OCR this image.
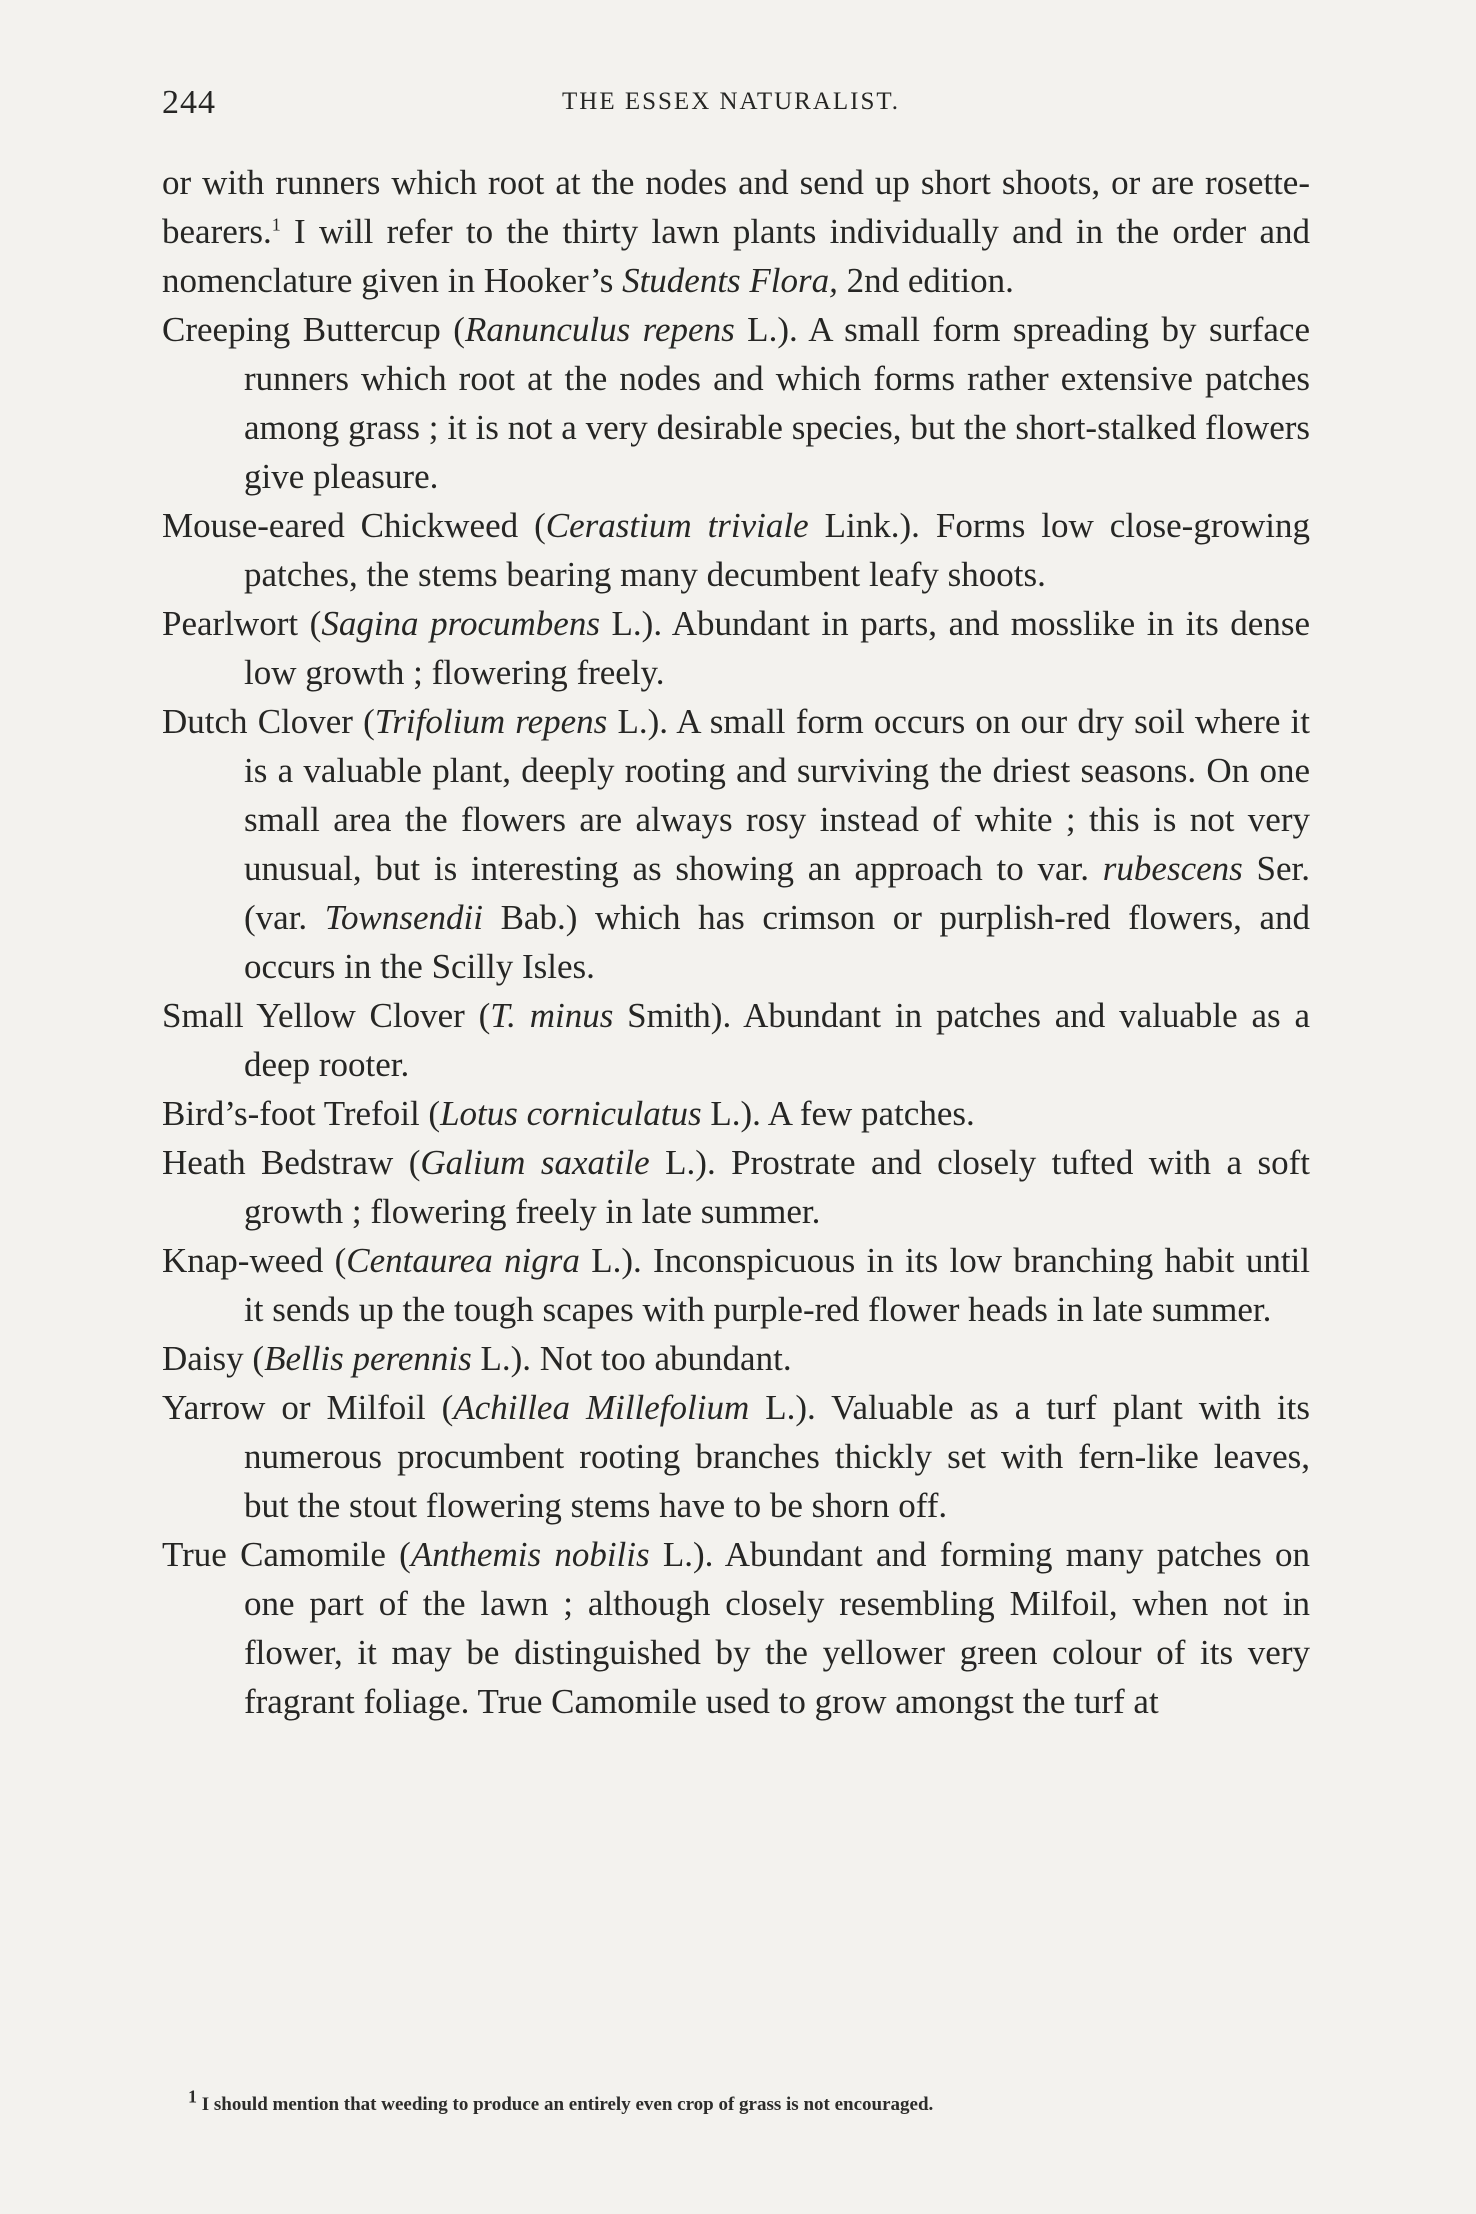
244	THE ESSEX NATURALIST.

or with runners which root at the nodes and send up short shoots, or are rosette-bearers.$^1$ I will refer to the thirty lawn plants individually and in the order and nomenclature given in Hooker’s Students Flora, 2nd edition.

Creeping Buttercup (Ranunculus repens L.). A small form spreading by surface runners which root at the nodes and which forms rather extensive patches among grass ; it is not a very desirable species, but the short-stalked flowers give pleasure.

Mouse-eared Chickweed (Cerastium triviale Link.). Forms low close-growing patches, the stems bearing many decumbent leafy shoots.

Pearlwort (Sagina procumbens L.). Abundant in parts, and mosslike in its dense low growth ; flowering freely.

Dutch Clover (Trifolium repens L.). A small form occurs on our dry soil where it is a valuable plant, deeply rooting and surviving the driest seasons. On one small area the flowers are always rosy instead of white ; this is not very unusual, but is interesting as showing an approach to var. rubescens Ser. (var. Townsendii Bab.) which has crimson or purplish-red flowers, and occurs in the Scilly Isles.

Small Yellow Clover (T. minus Smith). Abundant in patches and valuable as a deep rooter.

Bird’s-foot Trefoil (Lotus corniculatus L.). A few patches.

Heath Bedstraw (Galium saxatile L.). Prostrate and closely tufted with a soft growth ; flowering freely in late summer.

Knap-weed (Centaurea nigra L.). Inconspicuous in its low branching habit until it sends up the tough scapes with purple-red flower heads in late summer.

Daisy (Bellis perennis L.). Not too abundant.

Yarrow or Milfoil (Achillea Millefolium L.). Valuable as a turf plant with its numerous procumbent rooting branches thickly set with fern-like leaves, but the stout flowering stems have to be shorn off.

True Camomile (Anthemis nobilis L.). Abundant and forming many patches on one part of the lawn ; although closely resembling Milfoil, when not in flower, it may be distinguished by the yellower green colour of its very fragrant foliage. True Camomile used to grow amongst the turf at

1 I should mention that weeding to produce an entirely even crop of grass is not encouraged.
